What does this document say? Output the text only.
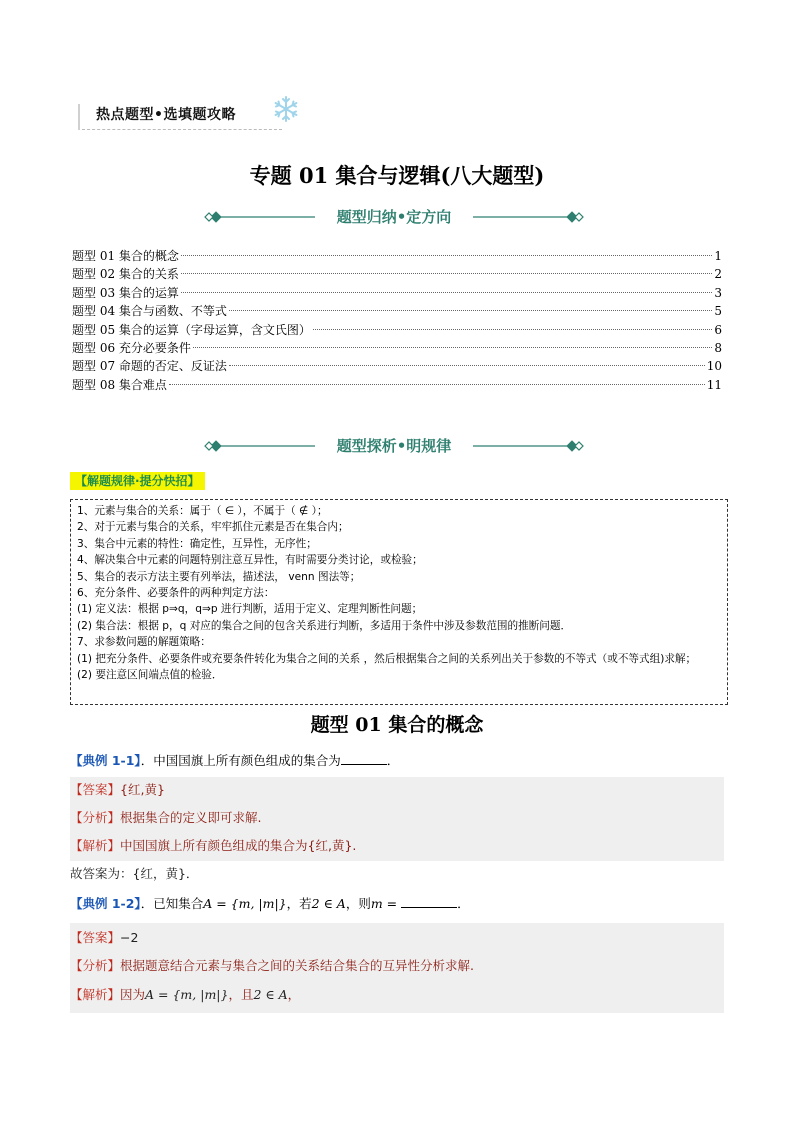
热点题型•选填题攻略
专题 01 集合与逻辑(八大题型)
题型归纳•定方向
题型 01 集合的概念	1
题型 02 集合的关系	2
题型 03 集合的运算	3
题型 04 集合与函数、不等式	5
题型 05 集合的运算（字母运算，含文氏图）	6
题型 06 充分必要条件	8
题型 07 命题的否定、反证法	10
题型 08 集合难点	11
题型探析•明规律
【解题规律·提分快招】
1、元素与集合的关系：属于（ ∈ ），不属于（ ∉ ）；
2、对于元素与集合的关系，牢牢抓住元素是否在集合内；
3、集合中元素的特性：确定性，互异性，无序性；
4、解决集合中元素的问题特别注意互异性，有时需要分类讨论，或检验；
5、集合的表示方法主要有列举法，描述法， venn 图法等；
6、充分条件、必要条件的两种判定方法：
(1) 定义法：根据 p⇒q，q⇒p 进行判断，适用于定义、定理判断性问题；
(2) 集合法：根据 p，q 对应的集合之间的包含关系进行判断，多适用于条件中涉及参数范围的推断问题．
7、求参数问题的解题策略：
(1) 把充分条件、必要条件或充要条件转化为集合之间的关系 ，然后根据集合之间的关系列出关于参数的不等式（或不等式组)求解；
(2) 要注意区间端点值的检验．
题型 01 集合的概念
【典例 1-1】．中国国旗上所有颜色组成的集合为	．
【答案】{红,黄}
【分析】根据集合的定义即可求解.
【解析】中国国旗上所有颜色组成的集合为{红,黄}.
故答案为：{红，黄}．
【典例 1-2】．已知集合A = {m, |m|}，若2 ∈ A，则m =	．
【答案】−2
【分析】根据题意结合元素与集合之间的关系结合集合的互异性分析求解.
【解析】因为A = {m, |m|}，且2 ∈ A，
